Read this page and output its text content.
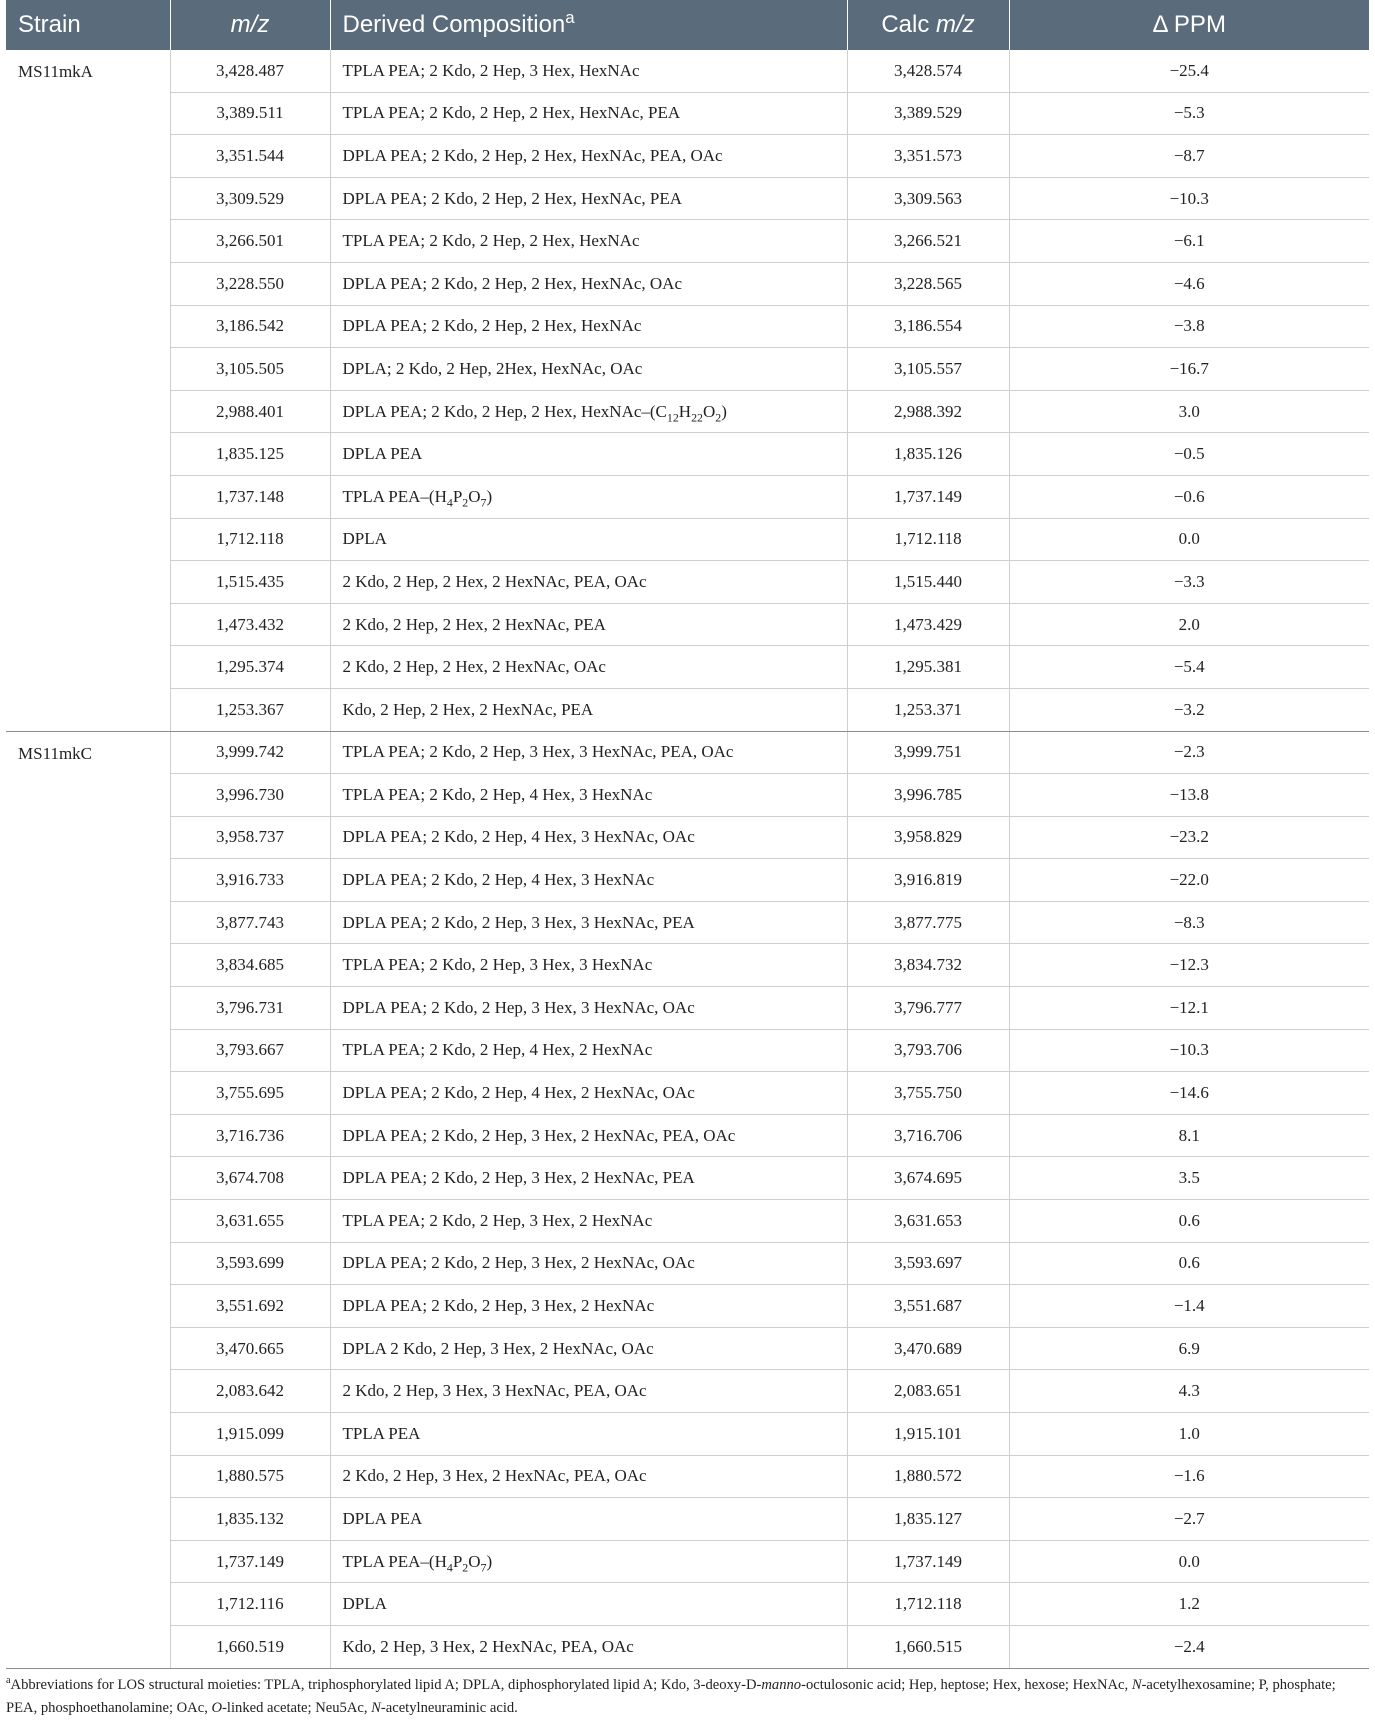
Strain	m/z	Derived Composition$^a$	Calc m/z	Δ PPM
MS11mkA	3,428.487	TPLA PEA; 2 Kdo, 2 Hep, 3 Hex, HexNAc	3,428.574	−25.4
	3,389.511	TPLA PEA; 2 Kdo, 2 Hep, 2 Hex, HexNAc, PEA	3,389.529	−5.3
	3,351.544	DPLA PEA; 2 Kdo, 2 Hep, 2 Hex, HexNAc, PEA, OAc	3,351.573	−8.7
	3,309.529	DPLA PEA; 2 Kdo, 2 Hep, 2 Hex, HexNAc, PEA	3,309.563	−10.3
	3,266.501	TPLA PEA; 2 Kdo, 2 Hep, 2 Hex, HexNAc	3,266.521	−6.1
	3,228.550	DPLA PEA; 2 Kdo, 2 Hep, 2 Hex, HexNAc, OAc	3,228.565	−4.6
	3,186.542	DPLA PEA; 2 Kdo, 2 Hep, 2 Hex, HexNAc	3,186.554	−3.8
	3,105.505	DPLA; 2 Kdo, 2 Hep, 2Hex, HexNAc, OAc	3,105.557	−16.7
	2,988.401	DPLA PEA; 2 Kdo, 2 Hep, 2 Hex, HexNAc–$(C_{12}H_{22}O_2)$	2,988.392	3.0
	1,835.125	DPLA PEA	1,835.126	−0.5
	1,737.148	TPLA PEA–$(H_4P_2O_7)$	1,737.149	−0.6
	1,712.118	DPLA	1,712.118	0.0
	1,515.435	2 Kdo, 2 Hep, 2 Hex, 2 HexNAc, PEA, OAc	1,515.440	−3.3
	1,473.432	2 Kdo, 2 Hep, 2 Hex, 2 HexNAc, PEA	1,473.429	2.0
	1,295.374	2 Kdo, 2 Hep, 2 Hex, 2 HexNAc, OAc	1,295.381	−5.4
	1,253.367	Kdo, 2 Hep, 2 Hex, 2 HexNAc, PEA	1,253.371	−3.2
MS11mkC	3,999.742	TPLA PEA; 2 Kdo, 2 Hep, 3 Hex, 3 HexNAc, PEA, OAc	3,999.751	−2.3
	3,996.730	TPLA PEA; 2 Kdo, 2 Hep, 4 Hex, 3 HexNAc	3,996.785	−13.8
	3,958.737	DPLA PEA; 2 Kdo, 2 Hep, 4 Hex, 3 HexNAc, OAc	3,958.829	−23.2
	3,916.733	DPLA PEA; 2 Kdo, 2 Hep, 4 Hex, 3 HexNAc	3,916.819	−22.0
	3,877.743	DPLA PEA; 2 Kdo, 2 Hep, 3 Hex, 3 HexNAc, PEA	3,877.775	−8.3
	3,834.685	TPLA PEA; 2 Kdo, 2 Hep, 3 Hex, 3 HexNAc	3,834.732	−12.3
	3,796.731	DPLA PEA; 2 Kdo, 2 Hep, 3 Hex, 3 HexNAc, OAc	3,796.777	−12.1
	3,793.667	TPLA PEA; 2 Kdo, 2 Hep, 4 Hex, 2 HexNAc	3,793.706	−10.3
	3,755.695	DPLA PEA; 2 Kdo, 2 Hep, 4 Hex, 2 HexNAc, OAc	3,755.750	−14.6
	3,716.736	DPLA PEA; 2 Kdo, 2 Hep, 3 Hex, 2 HexNAc, PEA, OAc	3,716.706	8.1
	3,674.708	DPLA PEA; 2 Kdo, 2 Hep, 3 Hex, 2 HexNAc, PEA	3,674.695	3.5
	3,631.655	TPLA PEA; 2 Kdo, 2 Hep, 3 Hex, 2 HexNAc	3,631.653	0.6
	3,593.699	DPLA PEA; 2 Kdo, 2 Hep, 3 Hex, 2 HexNAc, OAc	3,593.697	0.6
	3,551.692	DPLA PEA; 2 Kdo, 2 Hep, 3 Hex, 2 HexNAc	3,551.687	−1.4
	3,470.665	DPLA 2 Kdo, 2 Hep, 3 Hex, 2 HexNAc, OAc	3,470.689	6.9
	2,083.642	2 Kdo, 2 Hep, 3 Hex, 3 HexNAc, PEA, OAc	2,083.651	4.3
	1,915.099	TPLA PEA	1,915.101	1.0
	1,880.575	2 Kdo, 2 Hep, 3 Hex, 2 HexNAc, PEA, OAc	1,880.572	−1.6
	1,835.132	DPLA PEA	1,835.127	−2.7
	1,737.149	TPLA PEA–$(H_4P_2O_7)$	1,737.149	0.0
	1,712.116	DPLA	1,712.118	1.2
	1,660.519	Kdo, 2 Hep, 3 Hex, 2 HexNAc, PEA, OAc	1,660.515	−2.4
$^a$Abbreviations for LOS structural moieties: TPLA, triphosphorylated lipid A; DPLA, diphosphorylated lipid A; Kdo, 3-deoxy-D-manno-octulosonic acid; Hep, heptose; Hex, hexose; HexNAc, N-acetylhexosamine; P, phosphate; PEA, phosphoethanolamine; OAc, O-linked acetate; Neu5Ac, N-acetylneuraminic acid.
